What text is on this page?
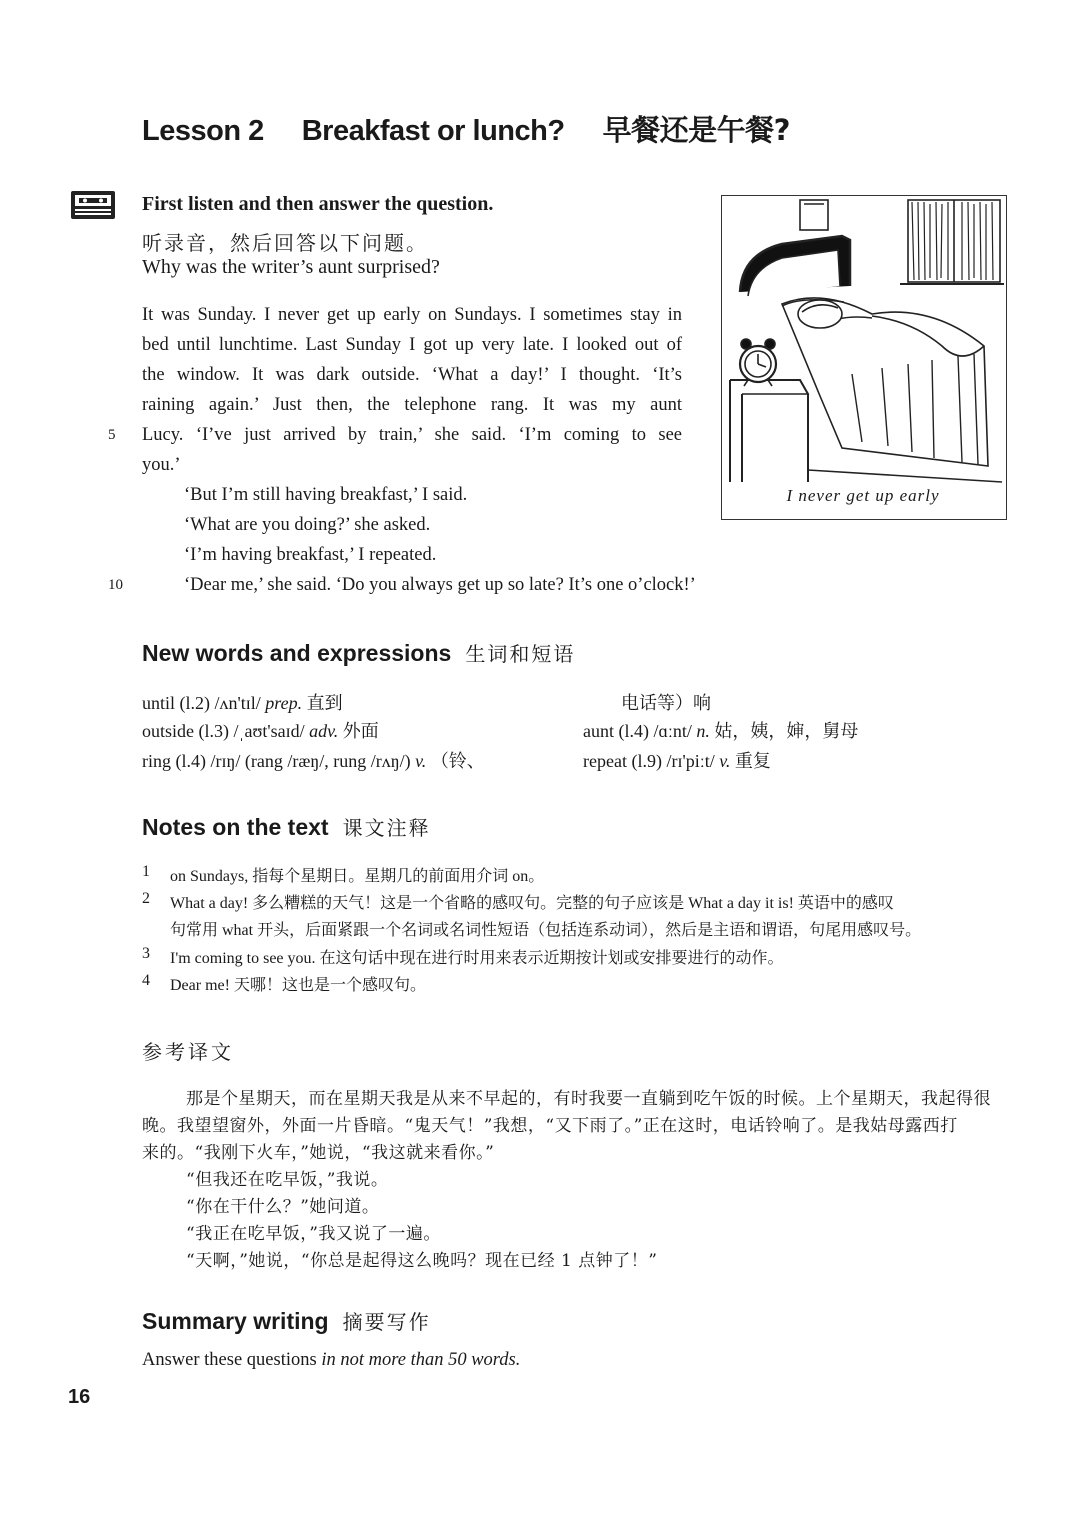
Lesson 2 Breakfast or lunch? 早餐还是午餐?
First listen and then answer the question.
听录音，然后回答以下问题。
Why was the writer’s aunt surprised?
It was Sunday. I never get up early on Sundays. I sometimes stay in
bed until lunchtime. Last Sunday I got up very late. I looked out of
the window. It was dark outside. ‘What a day!’ I thought. ‘It’s
raining again.’ Just then, the telephone rang. It was my aunt
5 Lucy. ‘I’ve just arrived by train,’ she said. ‘I’m coming to see
you.’
‘But I’m still having breakfast,’ I said.
‘What are you doing?’ she asked.
‘I’m having breakfast,’ I repeated.
10	‘Dear me,’ she said. ‘Do you always get up so late? It’s one o’clock!’
I never get up early
New words and expressions 生词和短语
until (l.2) /ʌn'tɪl/ prep. 直到
outside (l.3) /ˌaʊt'saɪd/ adv. 外面
ring (l.4) /rɪŋ/ (rang /ræŋ/, rung /rʌŋ/) v. （铃、
电话等）响
aunt (l.4) /ɑːnt/ n. 姑，姨，婶，舅母
repeat (l.9) /rɪ'piːt/ v. 重复
Notes on the text 课文注释
1 on Sundays, 指每个星期日。星期几的前面用介词 on。
2 What a day! 多么糟糕的天气！这是一个省略的感叹句。完整的句子应该是 What a day it is! 英语中的感叹
句常用 what 开头，后面紧跟一个名词或名词性短语（包括连系动词），然后是主语和谓语，句尾用感叹号。
3 I'm coming to see you. 在这句话中现在进行时用来表示近期按计划或安排要进行的动作。
4 Dear me! 天哪！这也是一个感叹句。
参考译文
那是个星期天，而在星期天我是从来不早起的，有时我要一直躺到吃午饭的时候。上个星期天，我起得很
晚。我望望窗外，外面一片昏暗。“鬼天气！”我想，“又下雨了。”正在这时，电话铃响了。是我姑母露西打
来的。“我刚下火车，”她说，“我这就来看你。”
“但我还在吃早饭，”我说。
“你在干什么？”她问道。
“我正在吃早饭，”我又说了一遍。
“天啊，”她说，“你总是起得这么晚吗？现在已经 1 点钟了！”
Summary writing 摘要写作
Answer these questions in not more than 50 words.
16
